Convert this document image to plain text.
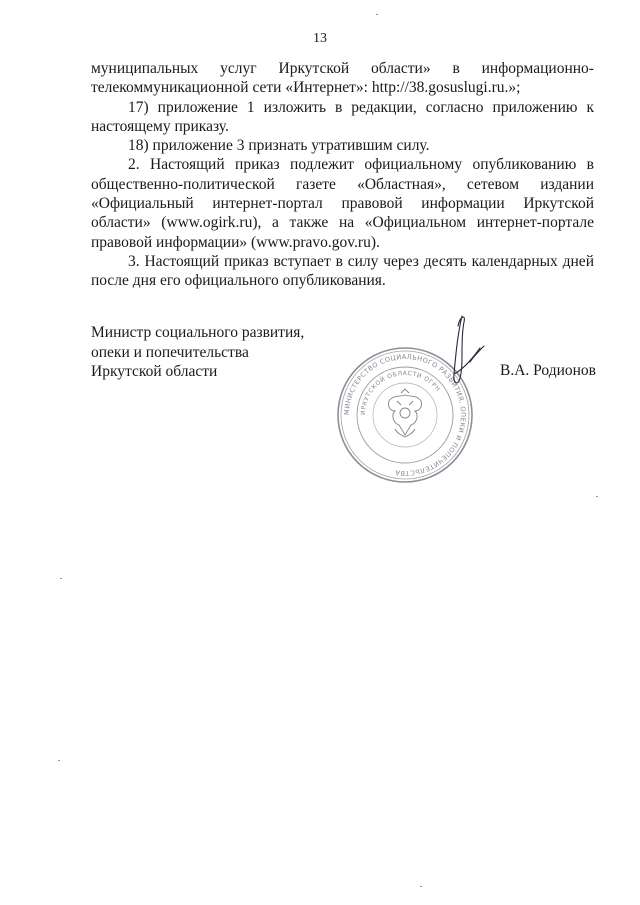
13

муниципальных услуг Иркутской области» в информационно-
телекоммуникационной сети «Интернет»: http://38.gosuslugi.ru.»;

17) приложение 1 изложить в редакции, согласно приложению к настоящему приказу.

18) приложение 3 признать утратившим силу.

2. Настоящий приказ подлежит официальному опубликованию в общественно-политической газете «Областная», сетевом издании «Официальный интернет-портал правовой информации Иркутской области» (www.ogirk.ru), а также на «Официальном интернет-портале правовой информации» (www.pravo.gov.ru).

3. Настоящий приказ вступает в силу через десять календарных дней после дня его официального опубликования.

Министр социального развития,
опеки и попечительства
Иркутской области
МИНИСТЕРСТВО СОЦИАЛЬНОГО РАЗВИТИЯ, ОПЕКИ И ПОПЕЧИТЕЛЬСТВА
ИРКУТСКОЙ ОБЛАСТИ ОГРН
В.А. Родионов
